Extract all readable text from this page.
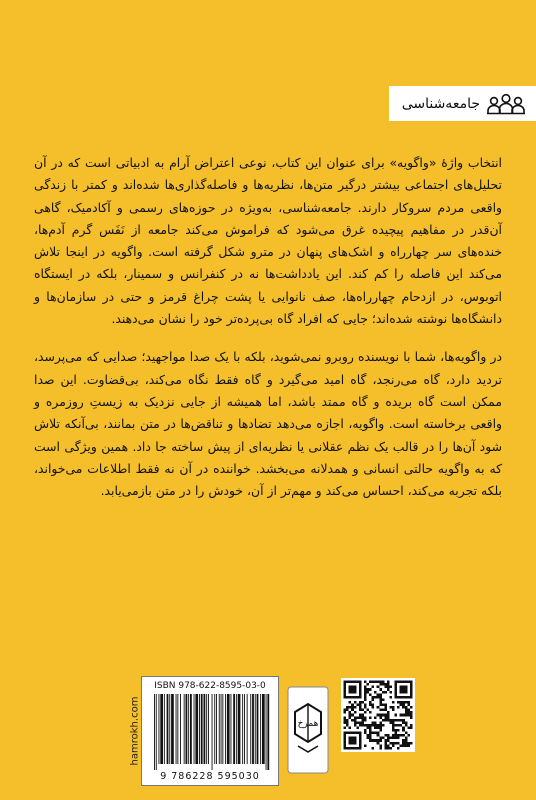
جامعه‌شناسی

انتخاب واژهٔ «واگویه» برای عنوان این کتاب، نوعی اعتراض آرام به ادبیاتی است که در آن تحلیل‌های اجتماعی بیشتر درگیر متن‌ها، نظریه‌ها و فاصله‌گذاری‌ها شده‌اند و کمتر با زندگی واقعی مردم سروکار دارند. جامعه‌شناسی، به‌ویژه در حوزه‌های رسمی و آکادمیک، گاهی آن‌قدر در مفاهیم پیچیده غرق می‌شود که فراموش می‌کند جامعه از نَفَس گرم آدم‌ها، خنده‌های سر چهارراه و اشک‌های پنهان در مترو شکل گرفته است. واگویه در اینجا تلاش می‌کند این فاصله را کم کند. این یادداشت‌ها نه در کنفرانس و سمینار، بلکه در ایستگاه اتوبوس، در ازدحام چهارراه‌ها، صف نانوایی یا پشت چراغ قرمز و حتی در سازمان‌ها و دانشگاه‌ها نوشته شده‌اند؛ جایی که افراد گاه بی‌پرده‌تر خود را نشان می‌دهند.

در واگویه‌ها، شما با نویسنده روبرو نمی‌شوید، بلکه با یک صدا مواجهید؛ صدایی که می‌پرسد، تردید دارد، گاه می‌رنجد، گاه امید می‌گیرد و گاه فقط نگاه می‌کند، بی‌قضاوت. این صدا ممکن است گاه بریده و گاه ممتد باشد، اما همیشه از جایی نزدیک به زیستِ روزمره و واقعی برخاسته است. واگویه، اجازه می‌دهد تضادها و تناقض‌ها در متن بمانند، بی‌آنکه تلاش شود آن‌ها را در قالب یک نظم عقلانی یا نظریه‌ای از پیش ساخته جا داد. همین ویژگی است که به واگویه حالتی انسانی و همدلانه می‌بخشد. خواننده در آن نه فقط اطلاعات می‌خواند، بلکه تجربه می‌کند، احساس می‌کند و مهم‌تر از آن، خودش را در متن بازمی‌یابد.

hamrokh.com
ISBN 978-622-8595-03-0
9 786228 595030
همرخ
